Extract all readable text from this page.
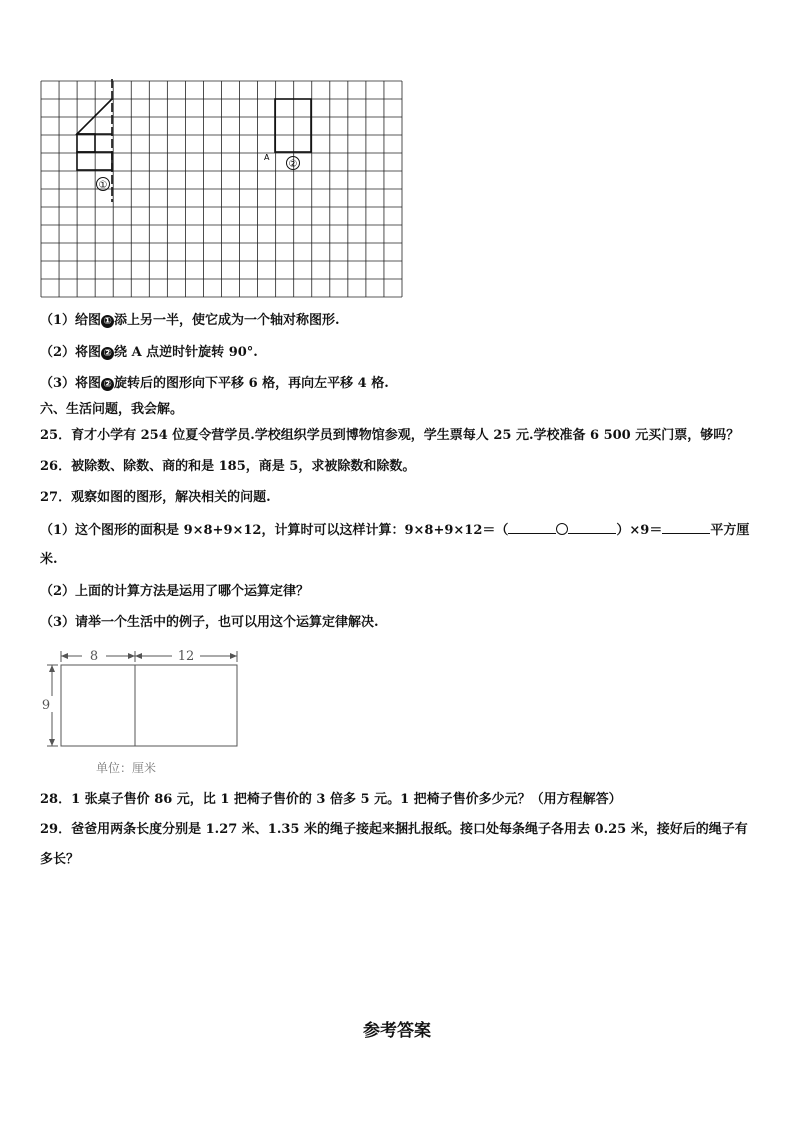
①
②
A
（1）给图 ① 添上另一半，使它成为一个轴对称图形.
（2）将图 ② 绕 A 点逆时针旋转 90°.
（3）将图 ② 旋转后的图形向下平移 6 格，再向左平移 4 格.
六、生活问题，我会解。
25．育才小学有 254 位夏令营学员.学校组织学员到博物馆参观，学生票每人 25 元.学校准备 6 500 元买门票，够吗？
26．被除数、除数、商的和是 185，商是 5，求被除数和除数。
27．观察如图的图形，解决相关的问题.
（1）这个图形的面积是 9×8+9×12，计算时可以这样计算：9×8+9×12＝（	）×9＝	平方厘
米.
（2）上面的计算方法是运用了哪个运算定律？
（3）请举一个生活中的例子，也可以用这个运算定律解决.
8	12
9
单位：厘米
28．1 张桌子售价 86 元，比 1 把椅子售价的 3 倍多 5 元。1 把椅子售价多少元？（用方程解答）
29．爸爸用两条长度分别是 1.27 米、1.35 米的绳子接起来捆扎报纸。接口处每条绳子各用去 0.25 米，接好后的绳子有多长？
参考答案
